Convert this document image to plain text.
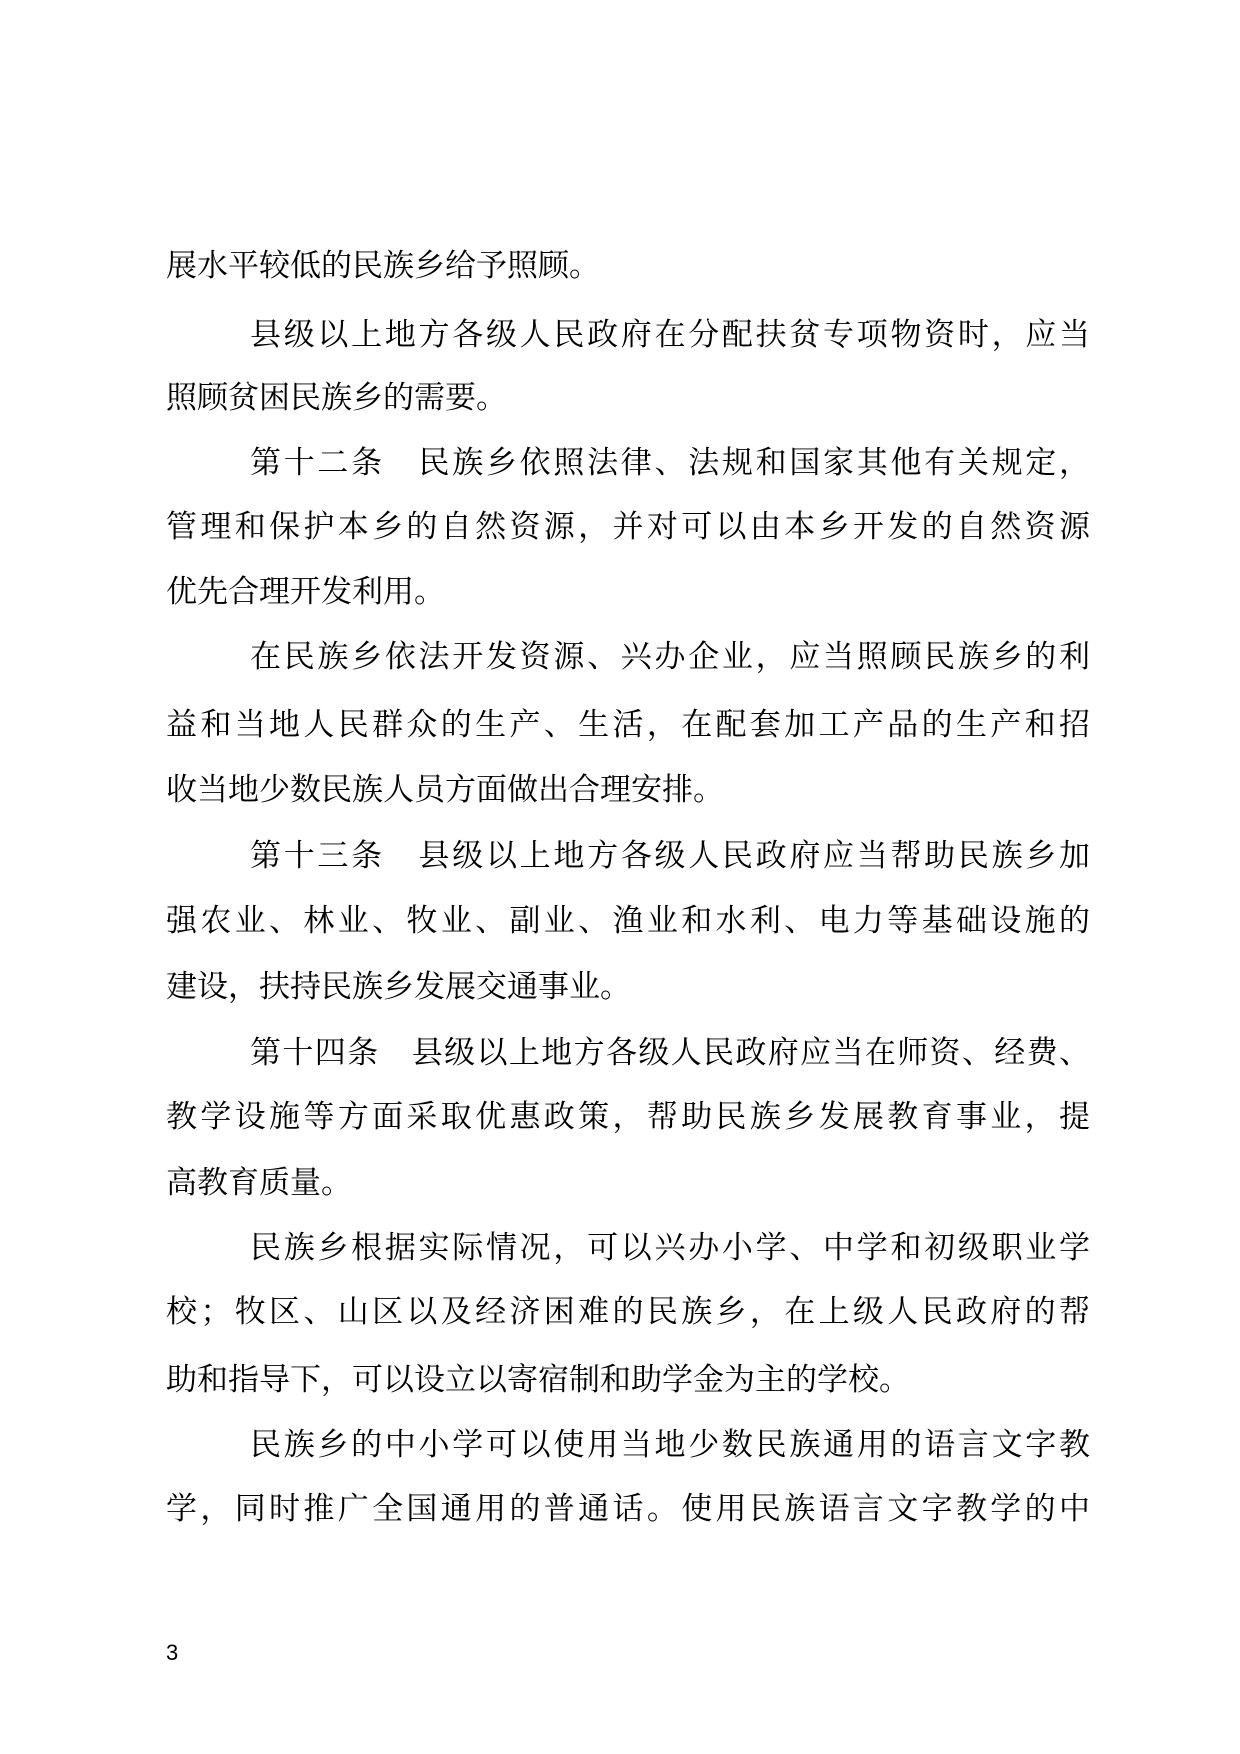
3
展水平较低的民族乡给予照顾。
县级以上地方各级人民政府在分配扶贫专项物资时，应当
照顾贫困民族乡的需要。
第十二条　民族乡依照法律、法规和国家其他有关规定，
管理和保护本乡的自然资源，并对可以由本乡开发的自然资源
优先合理开发利用。
在民族乡依法开发资源、兴办企业，应当照顾民族乡的利
益和当地人民群众的生产、生活，在配套加工产品的生产和招
收当地少数民族人员方面做出合理安排。
第十三条　县级以上地方各级人民政府应当帮助民族乡加
强农业、林业、牧业、副业、渔业和水利、电力等基础设施的
建设，扶持民族乡发展交通事业。
第十四条　县级以上地方各级人民政府应当在师资、经费、
教学设施等方面采取优惠政策，帮助民族乡发展教育事业，提
高教育质量。
民族乡根据实际情况，可以兴办小学、中学和初级职业学
校；牧区、山区以及经济困难的民族乡，在上级人民政府的帮
助和指导下，可以设立以寄宿制和助学金为主的学校。
民族乡的中小学可以使用当地少数民族通用的语言文字教
学，同时推广全国通用的普通话。使用民族语言文字教学的中
